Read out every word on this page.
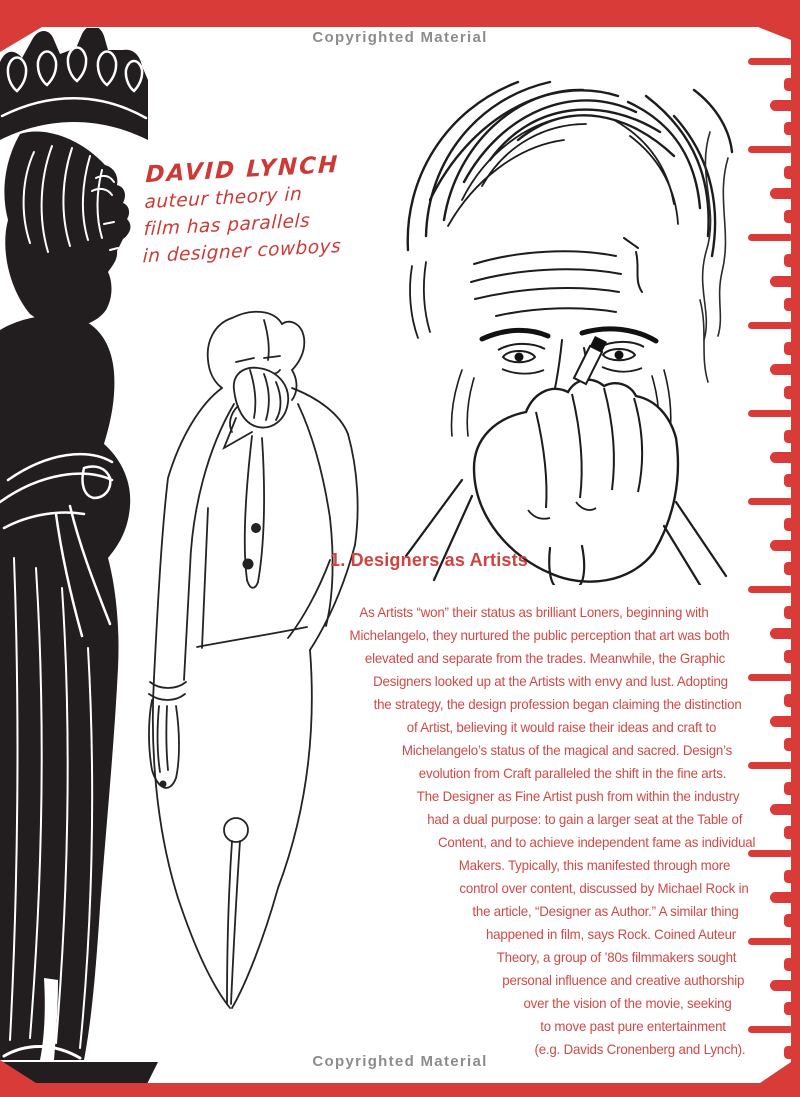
Copyrighted Material
DAVID LYNCH
auteur theory in
film has parallels
in designer cowboys
1. Designers as Artists
As Artists “won” their status as brilliant Loners, beginning with
Michelangelo, they nurtured the public perception that art was both
elevated and separate from the trades. Meanwhile, the Graphic
Designers looked up at the Artists with envy and lust. Adopting
the strategy, the design profession began claiming the distinction
of Artist, believing it would raise their ideas and craft to
Michelangelo’s status of the magical and sacred. Design’s
evolution from Craft paralleled the shift in the fine arts.
The Designer as Fine Artist push from within the industry
had a dual purpose: to gain a larger seat at the Table of
Content, and to achieve independent fame as individual
Makers. Typically, this manifested through more
control over content, discussed by Michael Rock in
the article, “Designer as Author.” A similar thing
happened in film, says Rock. Coined Auteur
Theory, a group of ’80s filmmakers sought
personal influence and creative authorship
over the vision of the movie, seeking
to move past pure entertainment
(e.g. Davids Cronenberg and Lynch).
Copyrighted Material
